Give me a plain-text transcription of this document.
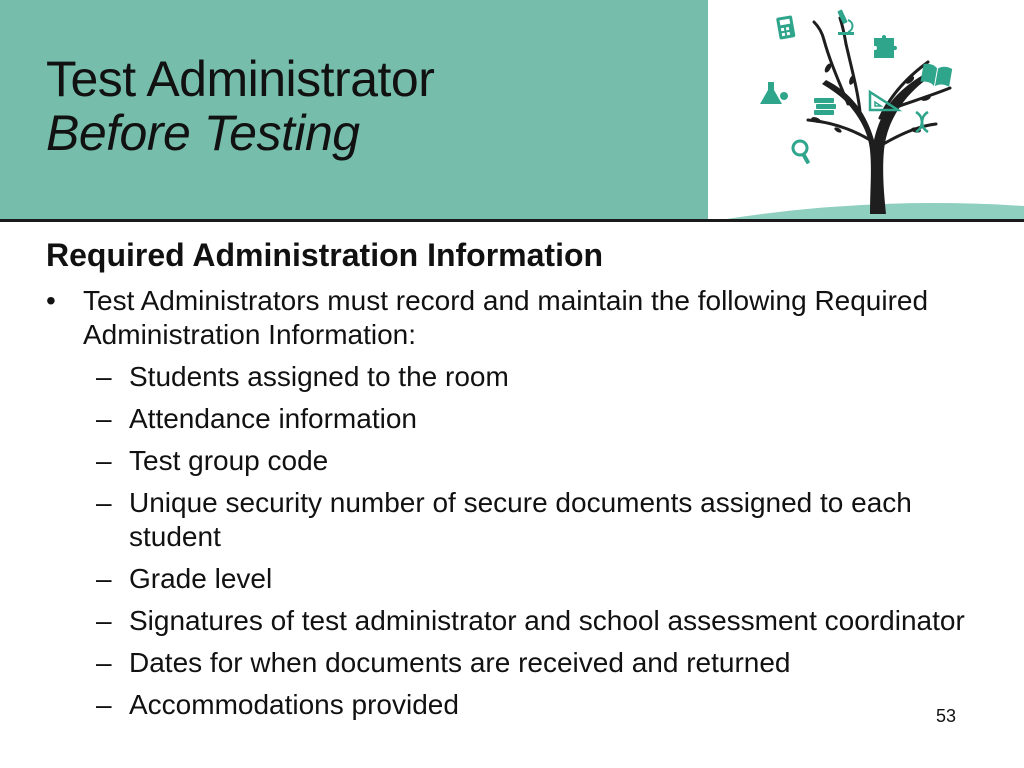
Test Administrator
Before Testing
Required Administration Information
• Test Administrators must record and maintain the following Required Administration Information:
– Students assigned to the room
– Attendance information
– Test group code
– Unique security number of secure documents assigned to each student
– Grade level
– Signatures of test administrator and school assessment coordinator
– Dates for when documents are received and returned
– Accommodations provided	53
